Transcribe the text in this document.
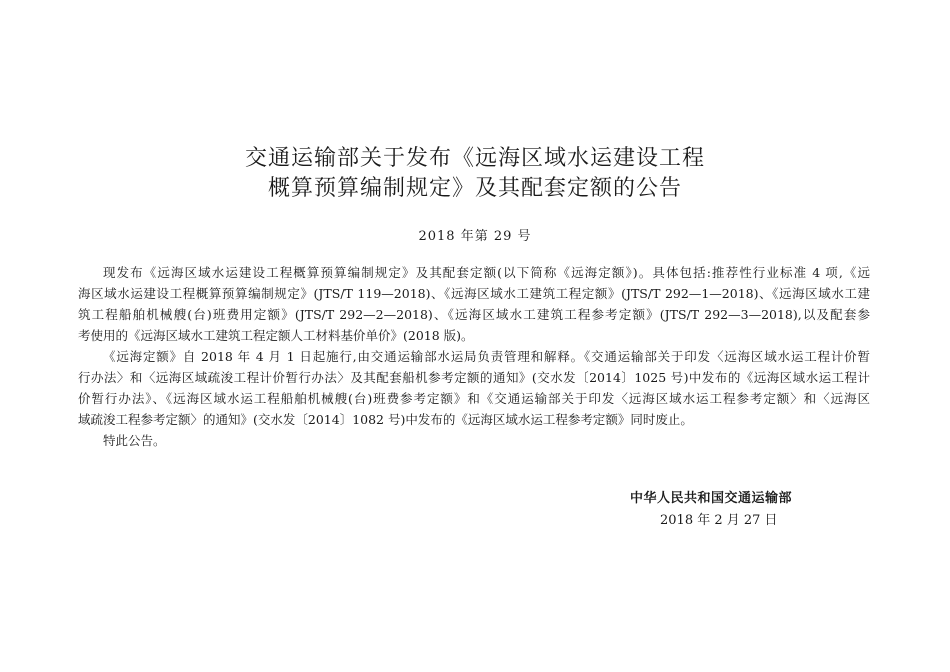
交通运输部关于发布《远海区域水运建设工程
概算预算编制规定》及其配套定额的公告
2018 年第 29 号
现发布《远海区域水运建设工程概算预算编制规定》及其配套定额(以下简称《远海定额》)。具体包括:推荐性行业标准 4 项,《远
海区域水运建设工程概算预算编制规定》(JTS/T 119—2018)、《远海区域水工建筑工程定额》(JTS/T 292—1—2018)、《远海区域水工建
筑工程船舶机械艘(台)班费用定额》(JTS/T 292—2—2018)、《远海区域水工建筑工程参考定额》(JTS/T 292—3—2018),以及配套参
考使用的《远海区域水工建筑工程定额人工材料基价单价》(2018 版)。
《远海定额》自 2018 年 4 月 1 日起施行,由交通运输部水运局负责管理和解释。《交通运输部关于印发〈远海区域水运工程计价暂
行办法〉和〈远海区域疏浚工程计价暂行办法〉及其配套船机参考定额的通知》(交水发〔2014〕1025 号)中发布的《远海区域水运工程计
价暂行办法》、《远海区域水运工程船舶机械艘(台)班费参考定额》和《交通运输部关于印发〈远海区域水运工程参考定额〉和〈远海区
域疏浚工程参考定额〉的通知》(交水发〔2014〕1082 号)中发布的《远海区域水运工程参考定额》同时废止。
特此公告。
中华人民共和国交通运输部
2018 年 2 月 27 日
